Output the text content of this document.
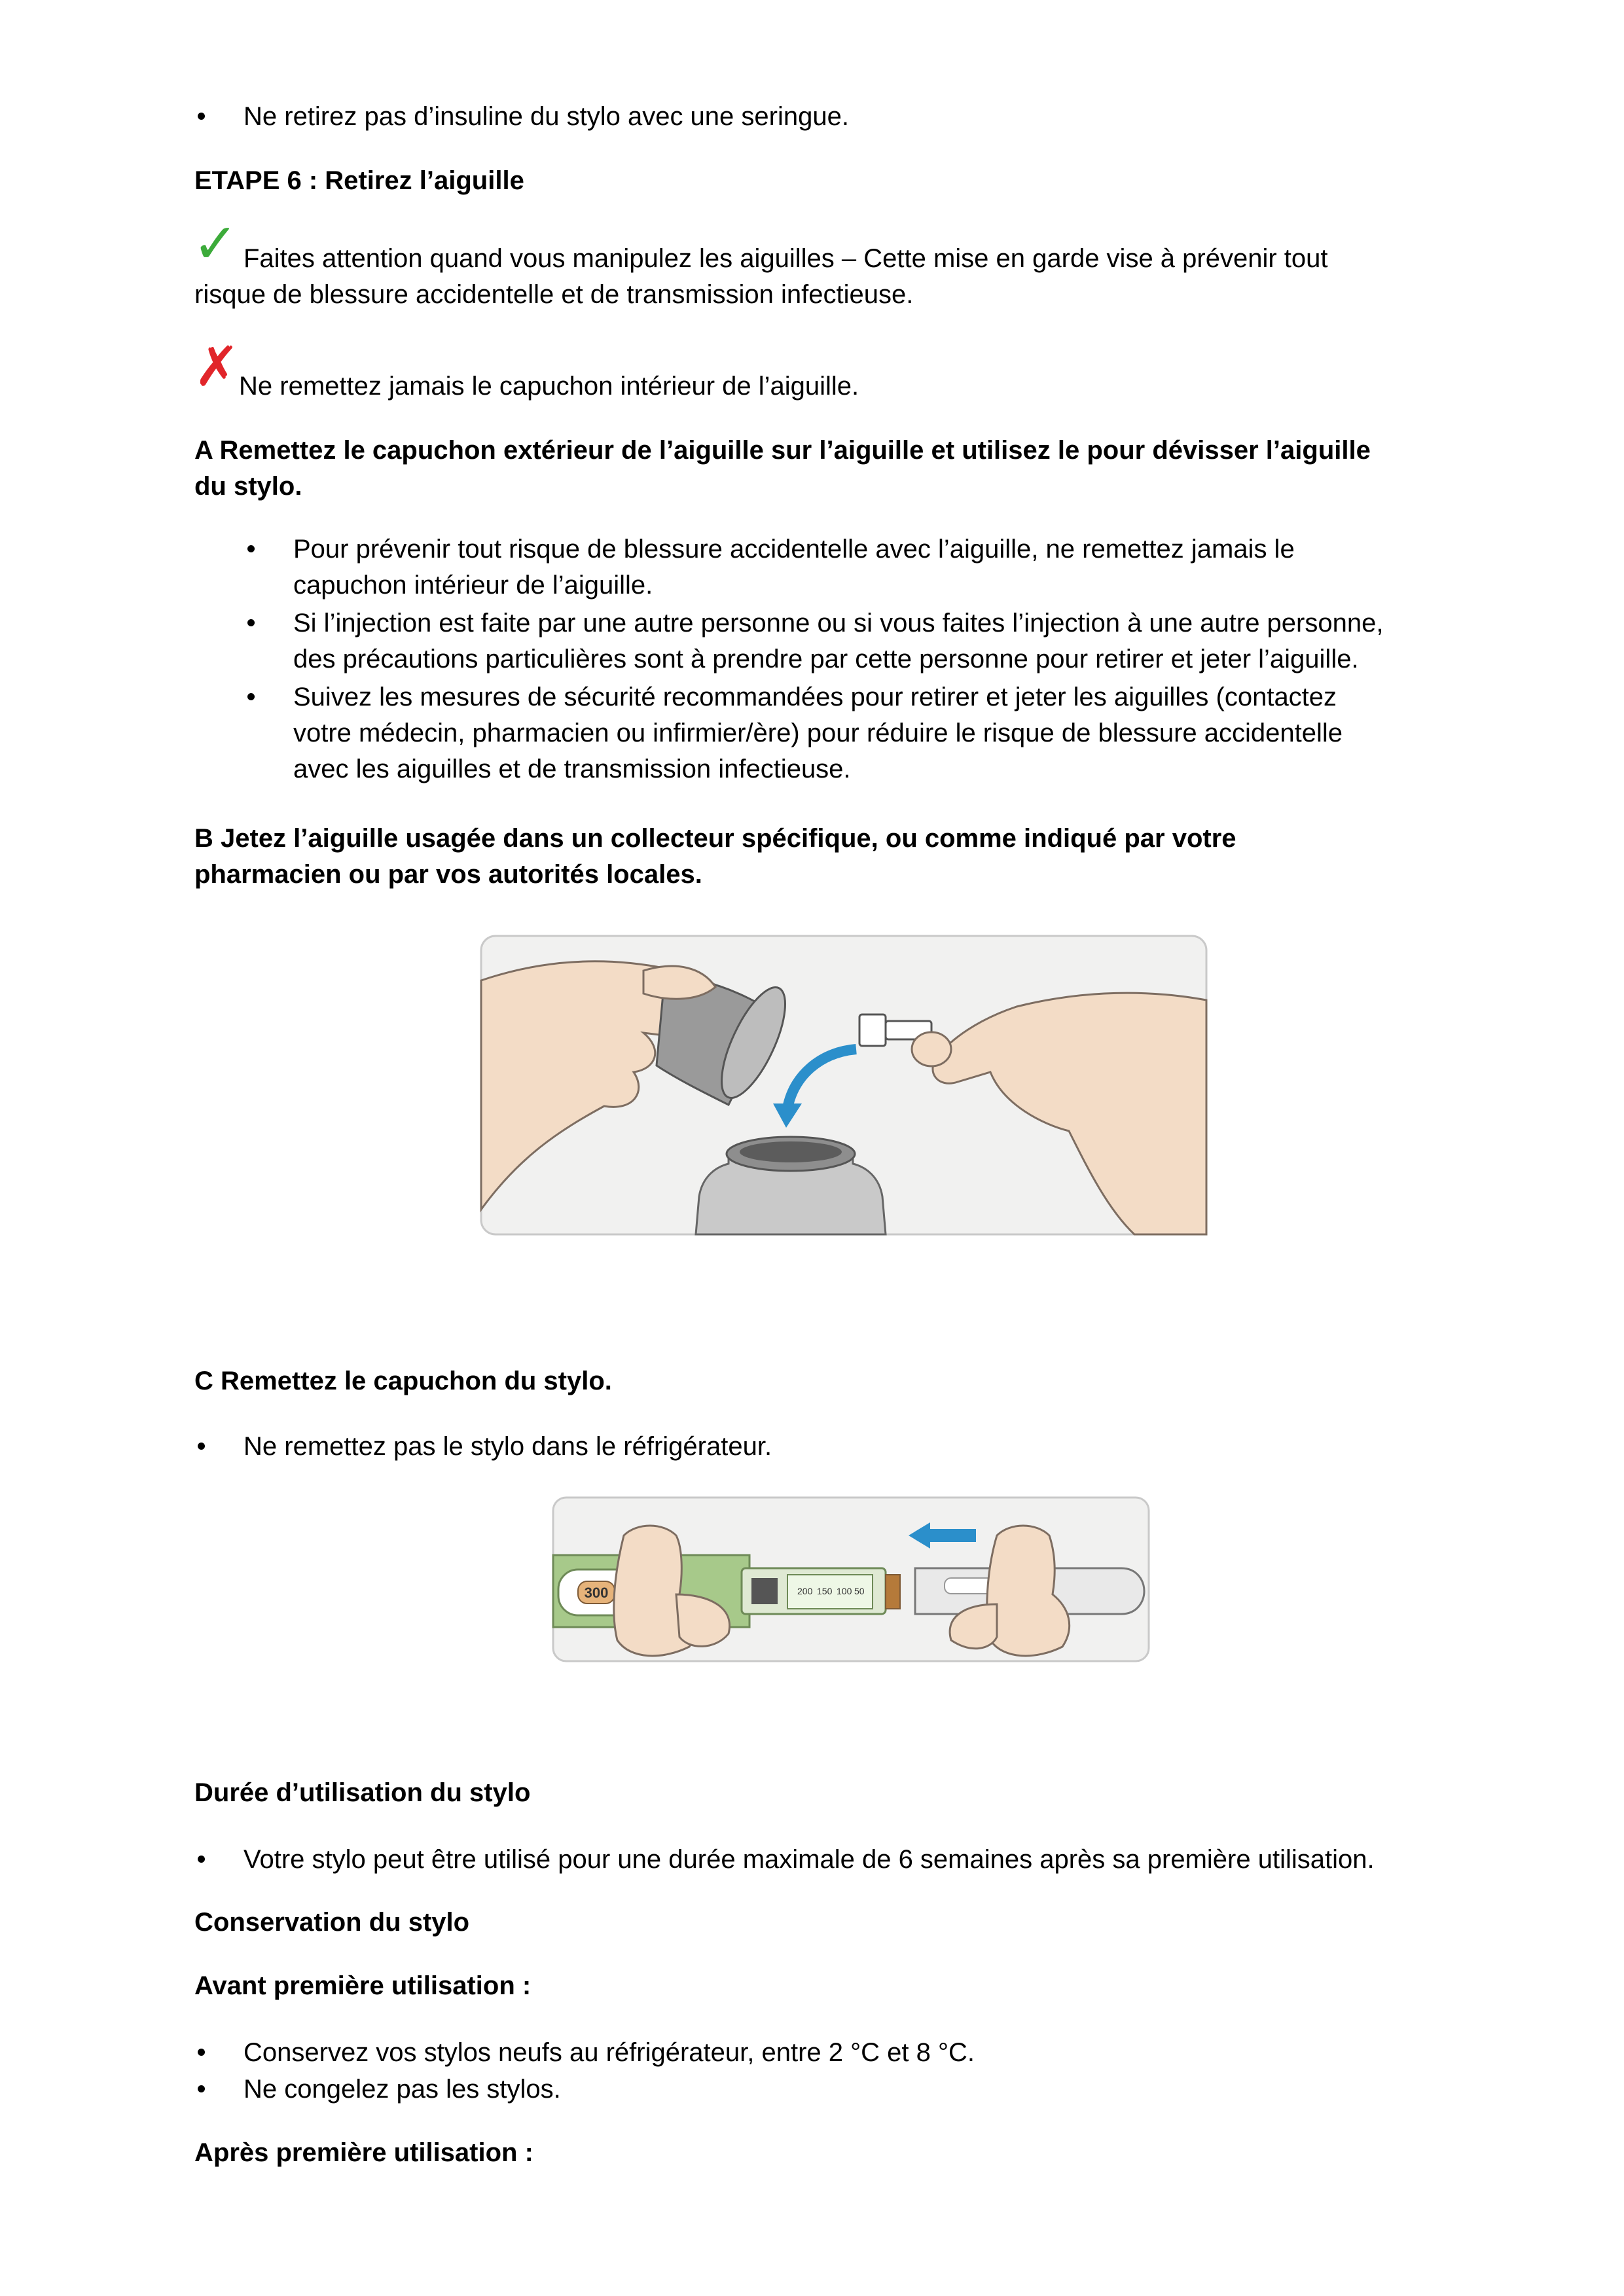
Ne retirez pas d’insuline du stylo avec une seringue.

ETAPE 6 : Retirez l’aiguille

✓ Faites attention quand vous manipulez les aiguilles – Cette mise en garde vise à prévenir tout

risque de blessure accidentelle et de transmission infectieuse.

✗

Ne remettez jamais le capuchon intérieur de l’aiguille.

A Remettez le capuchon extérieur de l’aiguille sur l’aiguille et utilisez le pour dévisser l’aiguille

du stylo.

Pour prévenir tout risque de blessure accidentelle avec l’aiguille, ne remettez jamais le

capuchon intérieur de l’aiguille.

Si l’injection est faite par une autre personne ou si vous faites l’injection à une autre personne,

des précautions particulières sont à prendre par cette personne pour retirer et jeter l’aiguille.

Suivez les mesures de sécurité recommandées pour retirer et jeter les aiguilles (contactez

votre médecin, pharmacien ou infirmier/ère) pour réduire le risque de blessure accidentelle

avec les aiguilles et de transmission infectieuse.

B Jetez l’aiguille usagée dans un collecteur spécifique, ou comme indiqué par votre

pharmacien ou par vos autorités locales.

C Remettez le capuchon du stylo.

Ne remettez pas le stylo dans le réfrigérateur.

300	200 150 100 50

Durée d’utilisation du stylo

Votre stylo peut être utilisé pour une durée maximale de 6 semaines après sa première utilisation.

Conservation du stylo

Avant première utilisation :

Conservez vos stylos neufs au réfrigérateur, entre 2 °C et 8 °C.

Ne congelez pas les stylos.

Après première utilisation :
